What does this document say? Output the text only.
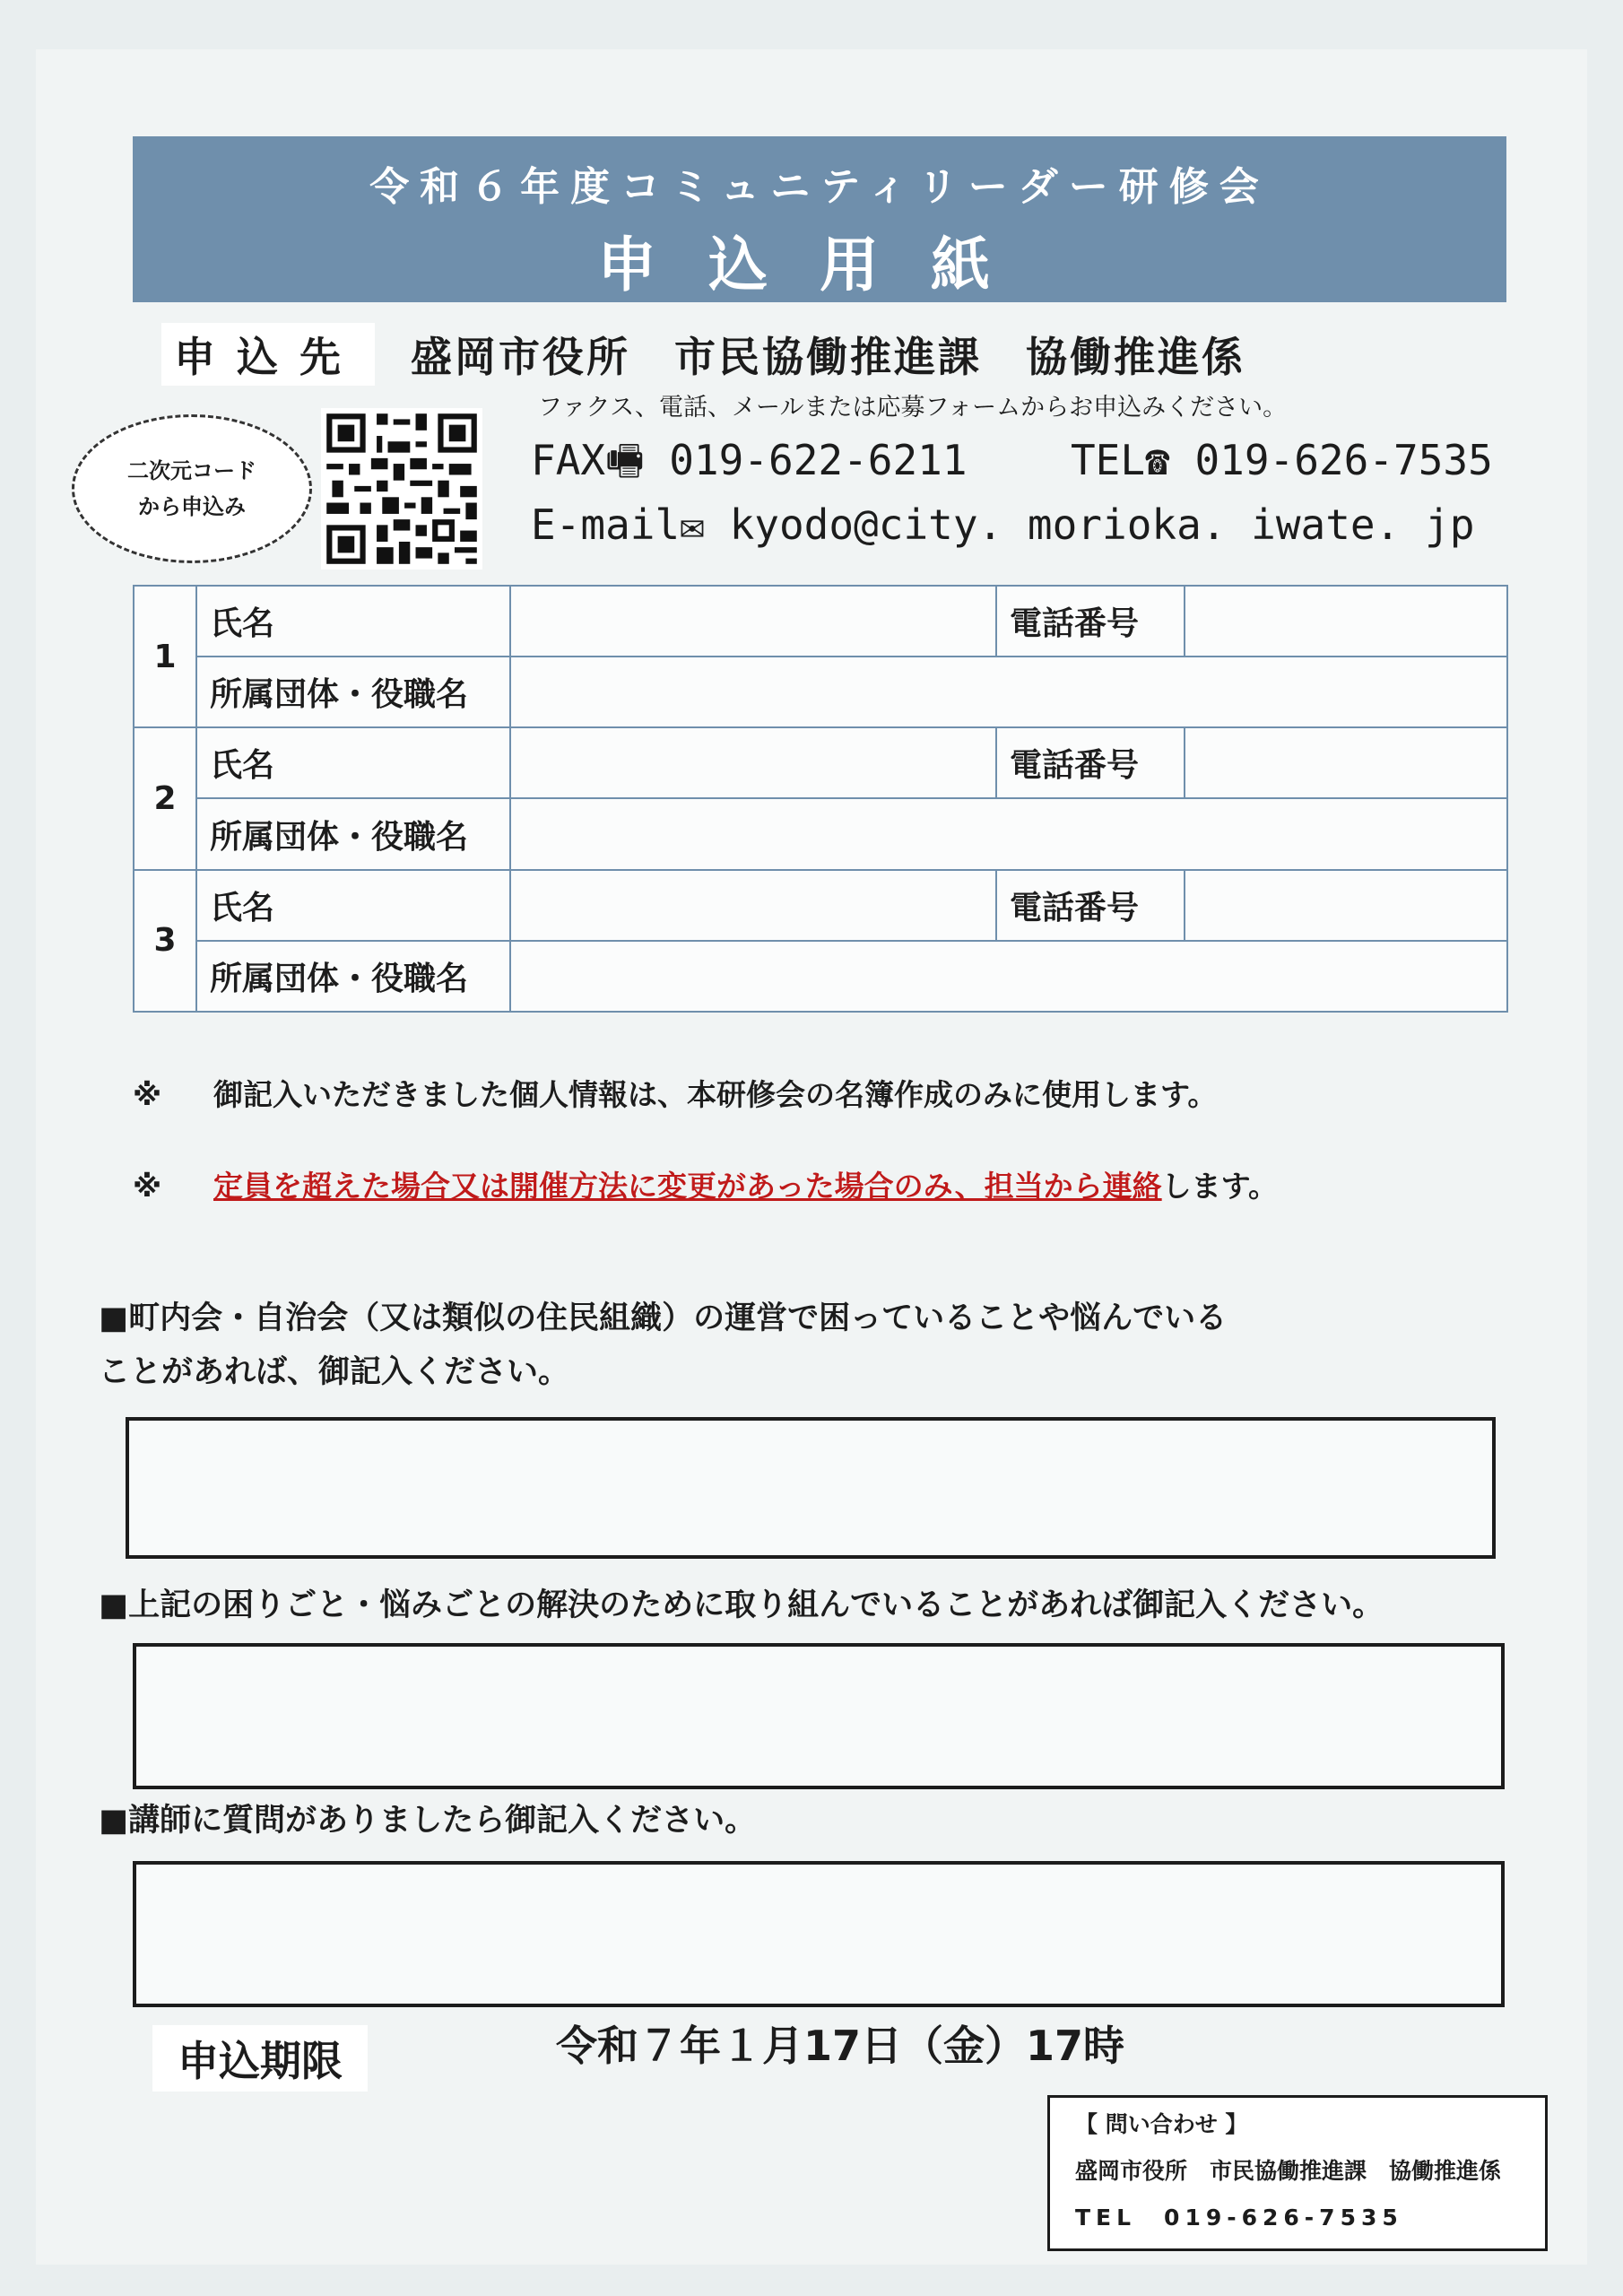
令和６年度コミュニティリーダー研修会
申込用紙
申込先 盛岡市役所　市民協働推進課　協働推進係
ファクス、電話、メールまたは応募フォームからお申込みください。
二次元コード
から申込み
FAX🖷 019-622-6211	TEL☎ 019-626-7535
E-mail✉ kyodo@city. morioka. iwate. jp
1	氏名		電話番号	
	所属団体・役職名			
2	氏名		電話番号	
	所属団体・役職名			
3	氏名		電話番号	
	所属団体・役職名			
※ 御記入いただきました個人情報は、本研修会の名簿作成のみに使用します。
※ 定員を超えた場合又は開催方法に変更があった場合のみ、担当から連絡します。
■町内会・自治会（又は類似の住民組織）の運営で困っていることや悩んでいる
ことがあれば、御記入ください。
■上記の困りごと・悩みごとの解決のために取り組んでいることがあれば御記入ください。
■講師に質問がありましたら御記入ください。
申込期限	令和７年１月17日（金）17時
【 問い合わせ 】
盛岡市役所　市民協働推進課　協働推進係
TEL　019-626-7535
